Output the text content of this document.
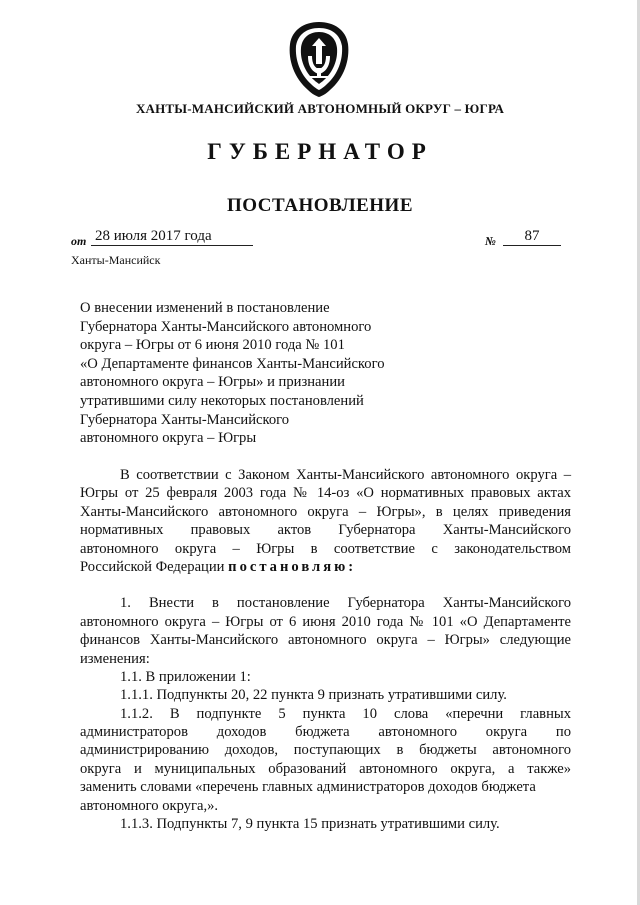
ХАНТЫ-МАНСИЙСКИЙ АВТОНОМНЫЙ ОКРУГ – ЮГРА
ГУБЕРНАТОР
ПОСТАНОВЛЕНИЕ
от 28 июля 2017 года	№	87
Ханты-Мансийск
О внесении изменений в постановление
Губернатора Ханты-Мансийского автономного
округа – Югры от 6 июня 2010 года № 101
«О Департаменте финансов Ханты-Мансийского
автономного округа – Югры» и признании
утратившими силу некоторых постановлений
Губернатора Ханты-Мансийского
автономного округа – Югры
В соответствии с Законом Ханты-Мансийского автономного округа –
Югры от 25 февраля 2003 года № 14-оз «О нормативных правовых актах
Ханты-Мансийского автономного округа – Югры», в целях приведения
нормативных правовых актов Губернатора Ханты-Мансийского
автономного округа – Югры в соответствие с законодательством
Российской Федерации постановляю:
1. Внести в постановление Губернатора Ханты-Мансийского
автономного округа – Югры от 6 июня 2010 года № 101 «О Департаменте
финансов Ханты-Мансийского автономного округа – Югры» следующие
изменения:
1.1. В приложении 1:
1.1.1. Подпункты 20, 22 пункта 9 признать утратившими силу.
1.1.2. В подпункте 5 пункта 10 слова «перечни главных
администраторов доходов бюджета автономного округа по
администрированию доходов, поступающих в бюджеты автономного
округа и муниципальных образований автономного округа, а также»
заменить словами «перечень главных администраторов доходов бюджета
автономного округа,».
1.1.3. Подпункты 7, 9 пункта 15 признать утратившими силу.
